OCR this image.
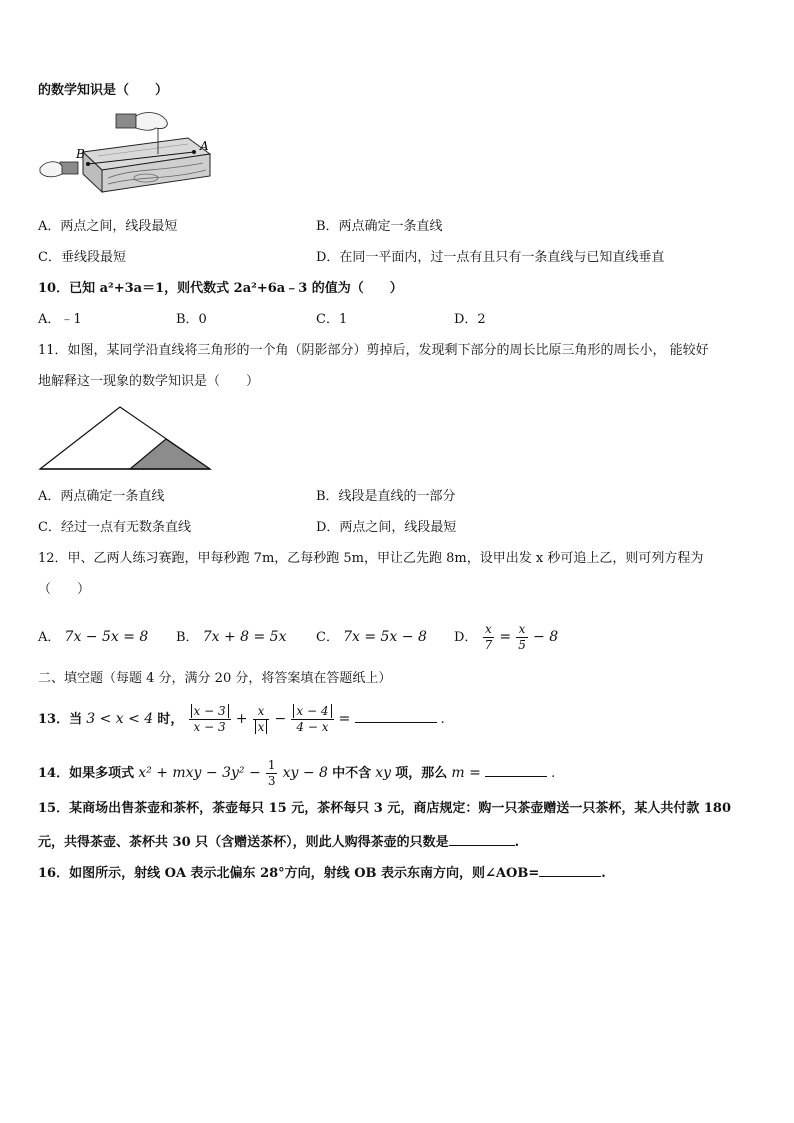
的数学知识是（　　）
A
B
A．两点之间，线段最短	B．两点确定一条直线
C．垂线段最短	D．在同一平面内，过一点有且只有一条直线与已知直线垂直
10．已知 a²+3a＝1，则代数式 2a²+6a﹣3 的值为（　　）
A．﹣1	B．0	C．1	D．2
11．如图，某同学沿直线将三角形的一个角（阴影部分）剪掉后，发现剩下部分的周长比原三角形的周长小， 能较好
地解释这一现象的数学知识是（　　）
A．两点确定一条直线	B．线段是直线的一部分
C．经过一点有无数条直线	D．两点之间，线段最短
12．甲、乙两人练习赛跑，甲每秒跑 7m，乙每秒跑 5m，甲让乙先跑 8m，设甲出发 x 秒可追上乙，则可列方程为
（　　）
A． 7x − 5x = 8 B． 7x + 8 = 5x C． 7x = 5x − 8 D． $\frac{x}{7} = \frac{x}{5} - 8$
二、填空题（每题 4 分，满分 20 分，将答案填在答题纸上）
13．当 3 < x < 4 时， $\frac{x - 3}{x - 3} + \frac{x}{x} - \frac{x - 4}{4 - x}$ =	.
14．如果多项式 x² + mxy − $3y^2 - \frac{1}{3}$ xy − 8 中不含 xy 项，那么 m =	.
15．某商场出售茶壶和茶杯，茶壶每只 15 元，茶杯每只 3 元，商店规定：购一只茶壶赠送一只茶杯，某人共付款 180
元，共得茶壶、茶杯共 30 只（含赠送茶杯），则此人购得茶壶的只数是	.
16．如图所示，射线 OA 表示北偏东 28°方向，射线 OB 表示东南方向，则∠AOB=	.
